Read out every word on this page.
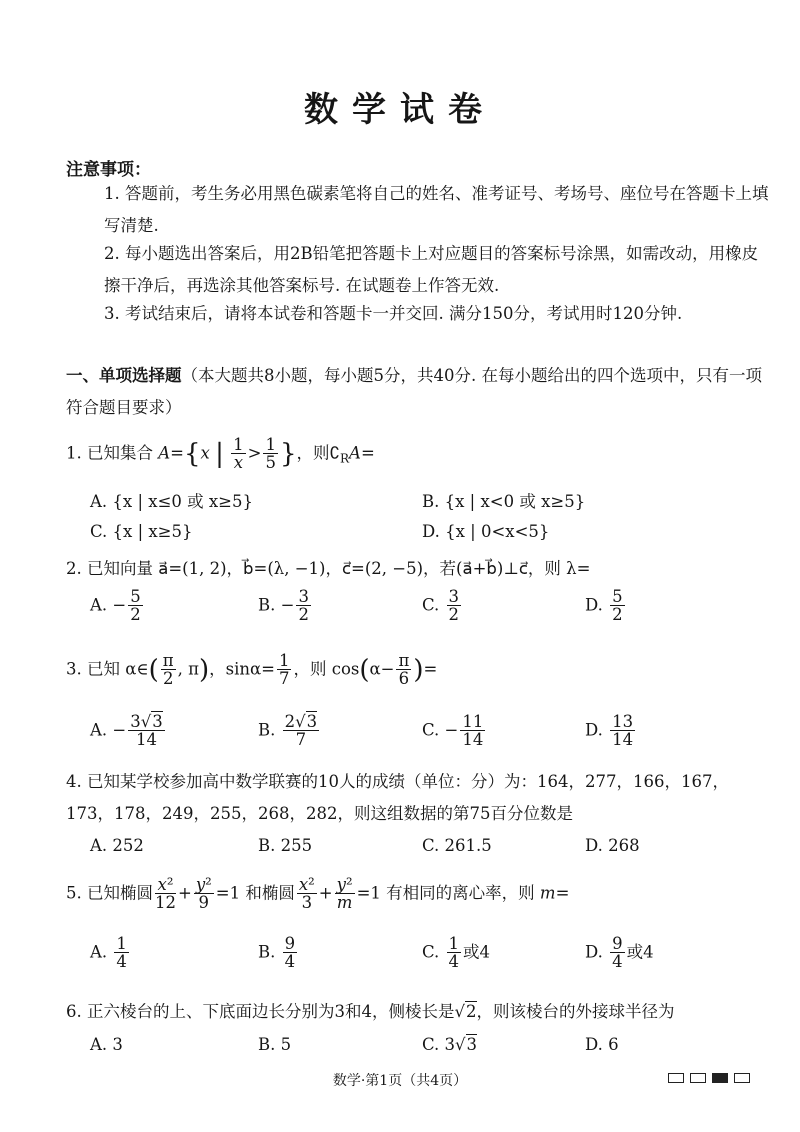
数学试卷
注意事项：
1. 答题前，考生务必用黑色碳素笔将自己的姓名、准考证号、考场号、座位号在答题卡上填写清楚.
2. 每小题选出答案后，用2B铅笔把答题卡上对应题目的答案标号涂黑，如需改动，用橡皮擦干净后，再选涂其他答案标号. 在试题卷上作答无效.
3. 考试结束后，请将本试卷和答题卡一并交回. 满分150分，考试用时120分钟.
一、单项选择题（本大题共8小题，每小题5分，共40分. 在每小题给出的四个选项中，只有一项符合题目要求）
1. 已知集合 A={x | $\frac{1}{x} > \frac{1}{5}$ }，则$∁_RA=$
A. {x | x≤0 或 x≥5}	B. {x | x<0 或 x≥5}
C. {x | x≥5}	D. {x | 0<x<5}
2. 已知向量 a⃗=(1, 2)，b⃗=(λ, −1)，c⃗=(2, −5)，若(a⃗+b⃗)⊥c⃗，则 λ=
A. − $\frac{5}{2}$	B. − $\frac{3}{2}$	C. $\frac{3}{2}$	D. $\frac{5}{2}$
3. 已知 α∈( $\frac{\pi}{2}$ , π)，$\sin\alpha= \frac{1}{7}$ ，则 $\cos(\alpha- \frac{\pi}{6}$ )=
A. − $\frac{3√3}{14}$	B. $\frac{2√3}{7}$	C. − $\frac{11}{14}$	D. $\frac{13}{14}$
4. 已知某学校参加高中数学联赛的10人的成绩（单位：分）为：164，277，166，167，
173，178，249，255，268，282，则这组数据的第75百分位数是
A. 252	B. 255	C. 261.5	D. 268
5. 已知椭圆 $\frac{\text{x²}}{12} + \frac{\text{y²}}{9} =1$ 和椭圆 $\frac{\text{x²}}{3} + \frac{\text{y²}}{m} =1$ 有相同的离心率，则 m=
A. $\frac{1}{4}$	B. $\frac{9}{4}$	C. $\frac{1}{4}$ 或4	D. $\frac{9}{4}$ 或4
6. 正六棱台的上、下底面边长分别为3和4，侧棱长是√2，则该棱台的外接球半径为
A. 3	B. 5	C. 3√3	D. 6
数学·第1页（共4页）
